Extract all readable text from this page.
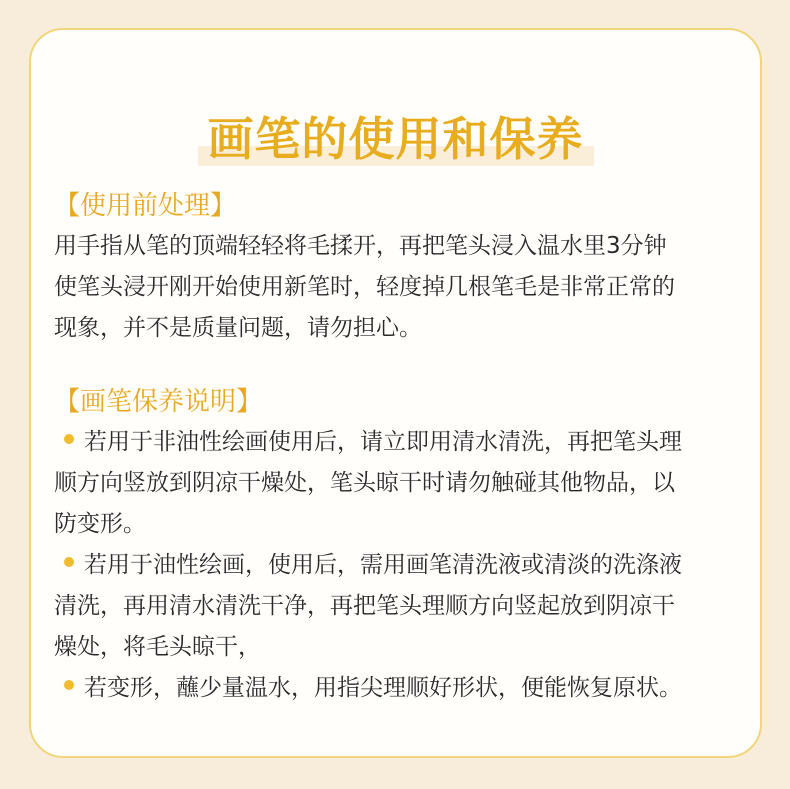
画笔的使用和保养

【使用前处理】

用手指从笔的顶端轻轻将毛揉开，再把笔头浸入温水里3分钟
使笔头浸开刚开始使用新笔时，轻度掉几根笔毛是非常正常的
现象，并不是质量问题，请勿担心。

【画笔保养说明】

若用于非油性绘画使用后，请立即用清水清洗，再把笔头理
顺方向竖放到阴凉干燥处，笔头晾干时请勿触碰其他物品，以
防变形。

若用于油性绘画，使用后，需用画笔清洗液或清淡的洗涤液
清洗，再用清水清洗干净，再把笔头理顺方向竖起放到阴凉干
燥处，将毛头晾干，

若变形，蘸少量温水，用指尖理顺好形状，便能恢复原状。
